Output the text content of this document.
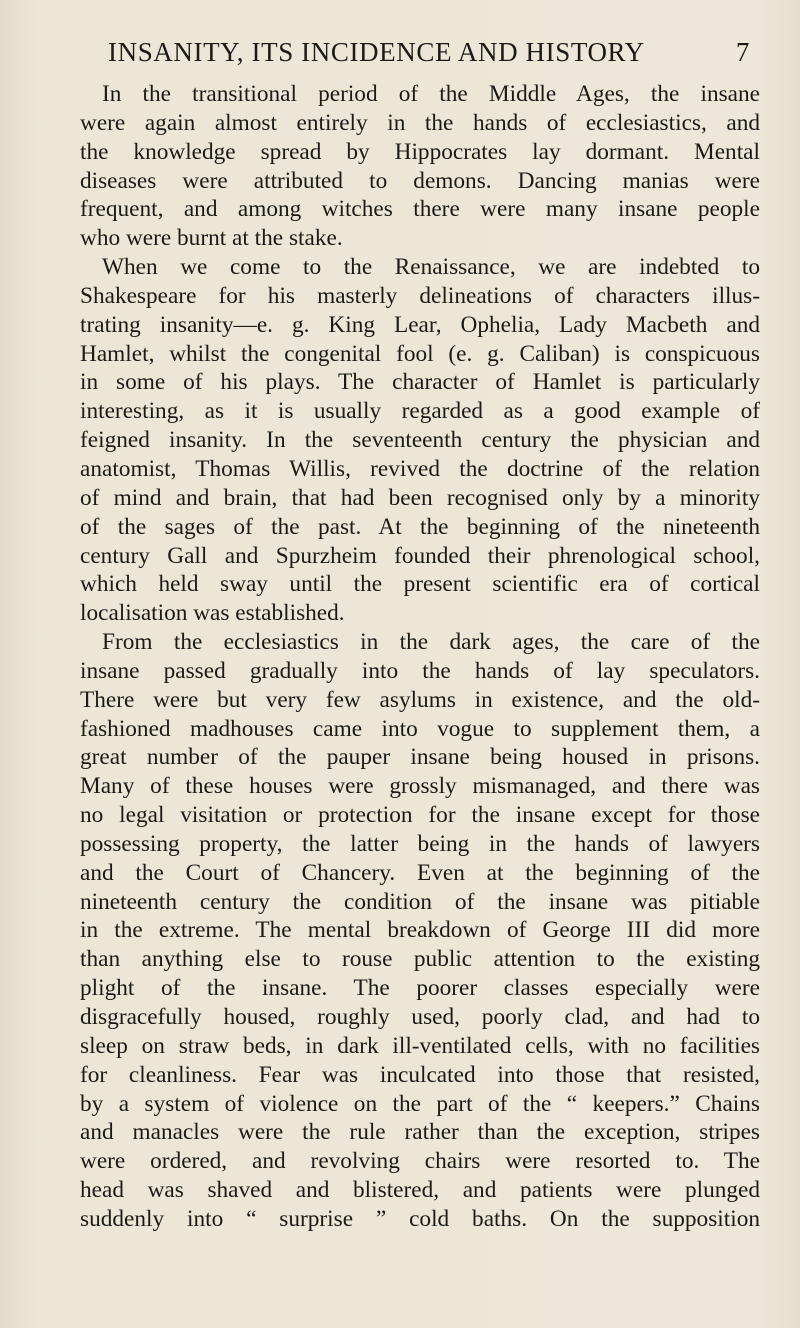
INSANITY, ITS INCIDENCE AND HISTORY	7
In the transitional period of the Middle Ages, the insane
were again almost entirely in the hands of ecclesiastics, and
the knowledge spread by Hippocrates lay dormant. Mental
diseases were attributed to demons. Dancing manias were
frequent, and among witches there were many insane people
who were burnt at the stake.
When we come to the Renaissance, we are indebted to
Shakespeare for his masterly delineations of characters illus-
trating insanity—e. g. King Lear, Ophelia, Lady Macbeth and
Hamlet, whilst the congenital fool (e. g. Caliban) is conspicuous
in some of his plays. The character of Hamlet is particularly
interesting, as it is usually regarded as a good example of
feigned insanity. In the seventeenth century the physician and
anatomist, Thomas Willis, revived the doctrine of the relation
of mind and brain, that had been recognised only by a minority
of the sages of the past. At the beginning of the nineteenth
century Gall and Spurzheim founded their phrenological school,
which held sway until the present scientific era of cortical
localisation was established.
From the ecclesiastics in the dark ages, the care of the
insane passed gradually into the hands of lay speculators.
There were but very few asylums in existence, and the old-
fashioned madhouses came into vogue to supplement them, a
great number of the pauper insane being housed in prisons.
Many of these houses were grossly mismanaged, and there was
no legal visitation or protection for the insane except for those
possessing property, the latter being in the hands of lawyers
and the Court of Chancery. Even at the beginning of the
nineteenth century the condition of the insane was pitiable
in the extreme. The mental breakdown of George III did more
than anything else to rouse public attention to the existing
plight of the insane. The poorer classes especially were
disgracefully housed, roughly used, poorly clad, and had to
sleep on straw beds, in dark ill-ventilated cells, with no facilities
for cleanliness. Fear was inculcated into those that resisted,
by a system of violence on the part of the “ keepers.” Chains
and manacles were the rule rather than the exception, stripes
were ordered, and revolving chairs were resorted to. The
head was shaved and blistered, and patients were plunged
suddenly into “ surprise ” cold baths. On the supposition
